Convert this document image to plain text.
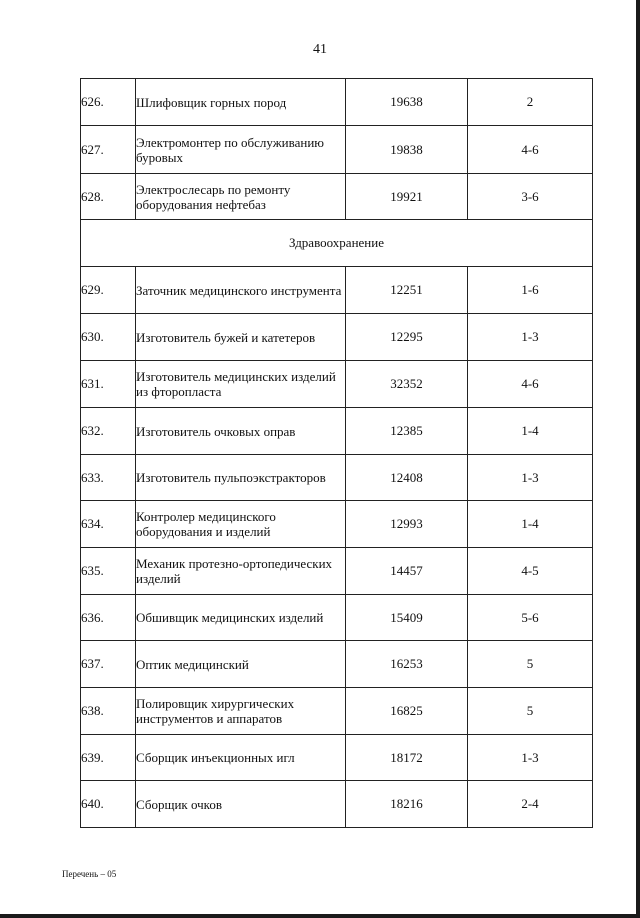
41
626.	Шлифовщик горных пород	19638	2
627.	Электромонтер по обслуживанию буровых	19838	4-6
628.	Электрослесарь по ремонту оборудования нефтебаз	19921	3-6
Здравоохранение			
629.	Заточник медицинского инструмента	12251	1-6
630.	Изготовитель бужей и катетеров	12295	1-3
631.	Изготовитель медицинских изделий из фторопласта	32352	4-6
632.	Изготовитель очковых оправ	12385	1-4
633.	Изготовитель пульпоэкстракторов	12408	1-3
634.	Контролер медицинского оборудования и изделий	12993	1-4
635.	Механик протезно-ортопедических изделий	14457	4-5
636.	Обшивщик медицинских изделий	15409	5-6
637.	Оптик медицинский	16253	5
638.	Полировщик хирургических инструментов и аппаратов	16825	5
639.	Сборщик инъекционных игл	18172	1-3
640.	Сборщик очков	18216	2-4
Перечень – 05
